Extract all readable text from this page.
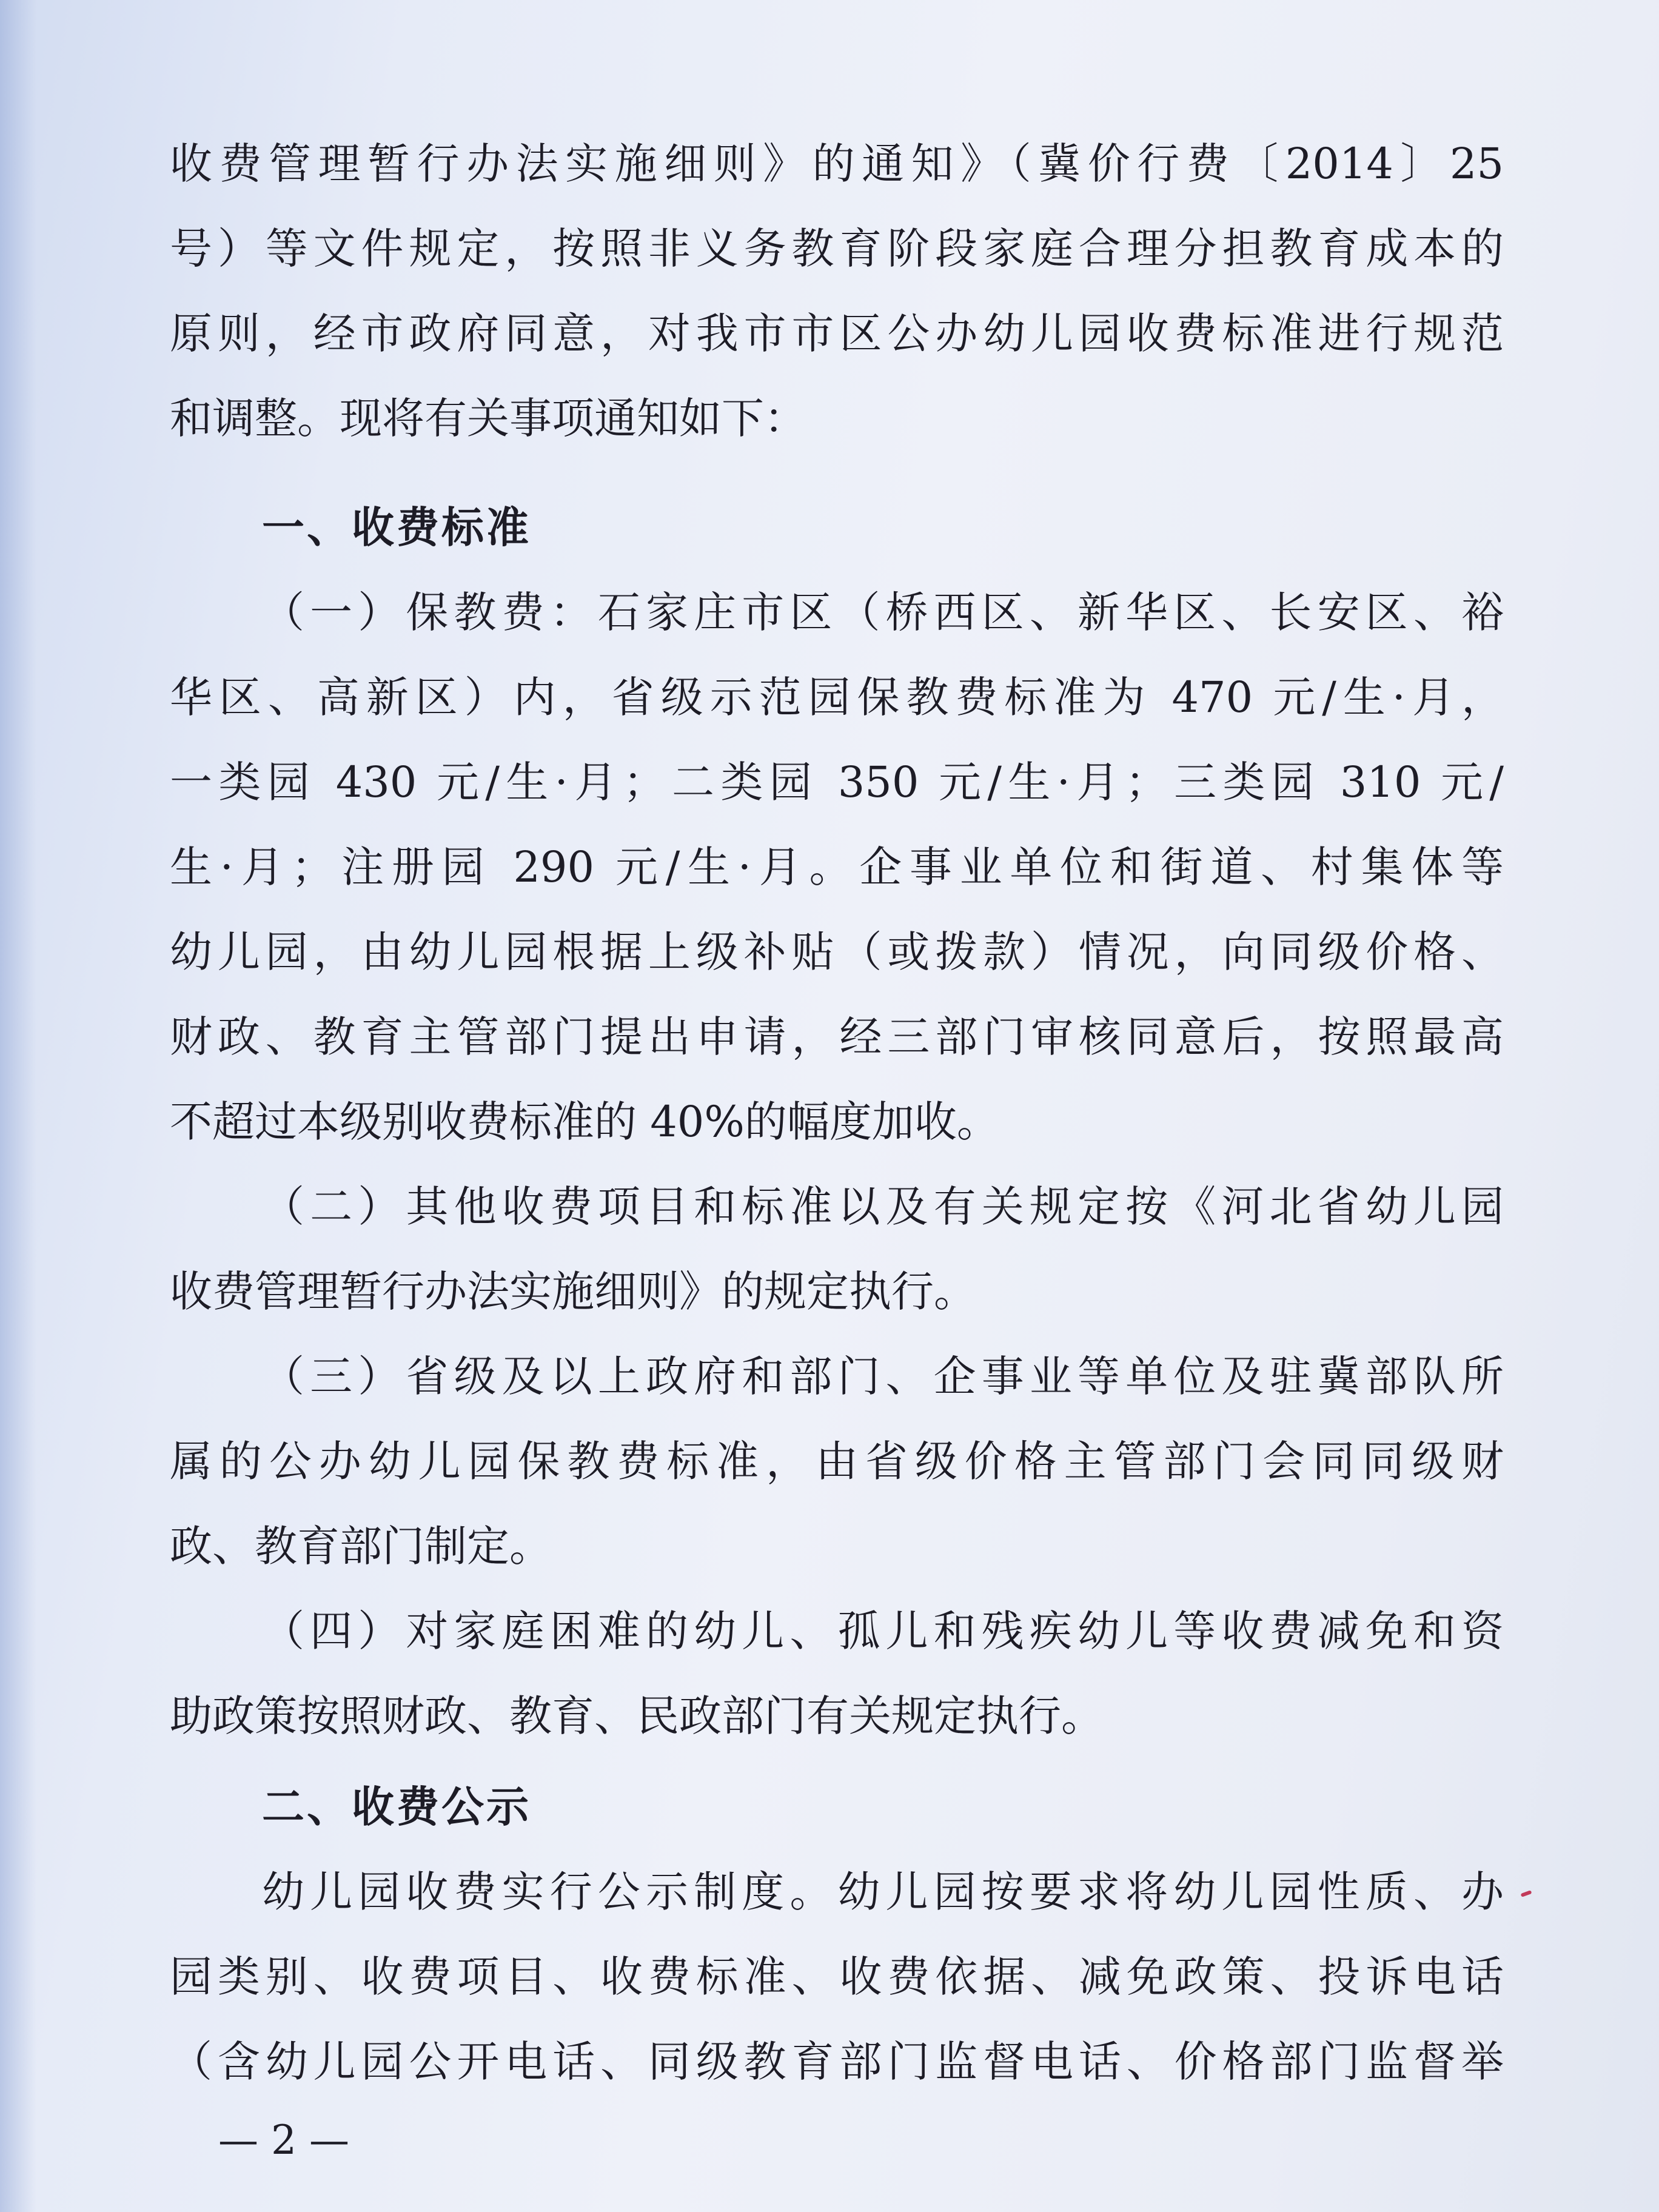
收费管理暂行办法实施细则》的通知》（冀价行费〔2014〕25
号）等文件规定，按照非义务教育阶段家庭合理分担教育成本的
原则，经市政府同意，对我市市区公办幼儿园收费标准进行规范
和调整。现将有关事项通知如下：
一、收费标准
（一）保教费：石家庄市区（桥西区、新华区、长安区、裕
华区、高新区）内，省级示范园保教费标准为 470 元/生·月，
一类园 430 元/生·月；二类园 350 元/生·月；三类园 310 元/
生·月；注册园 290 元/生·月。企事业单位和街道、村集体等
幼儿园，由幼儿园根据上级补贴（或拨款）情况，向同级价格、
财政、教育主管部门提出申请，经三部门审核同意后，按照最高
不超过本级别收费标准的 40%的幅度加收。
（二）其他收费项目和标准以及有关规定按《河北省幼儿园
收费管理暂行办法实施细则》的规定执行。
（三）省级及以上政府和部门、企事业等单位及驻冀部队所
属的公办幼儿园保教费标准，由省级价格主管部门会同同级财
政、教育部门制定。
（四）对家庭困难的幼儿、孤儿和残疾幼儿等收费减免和资
助政策按照财政、教育、民政部门有关规定执行。
二、收费公示
幼儿园收费实行公示制度。幼儿园按要求将幼儿园性质、办
园类别、收费项目、收费标准、收费依据、减免政策、投诉电话
（含幼儿园公开电话、同级教育部门监督电话、价格部门监督举
— 2 —
